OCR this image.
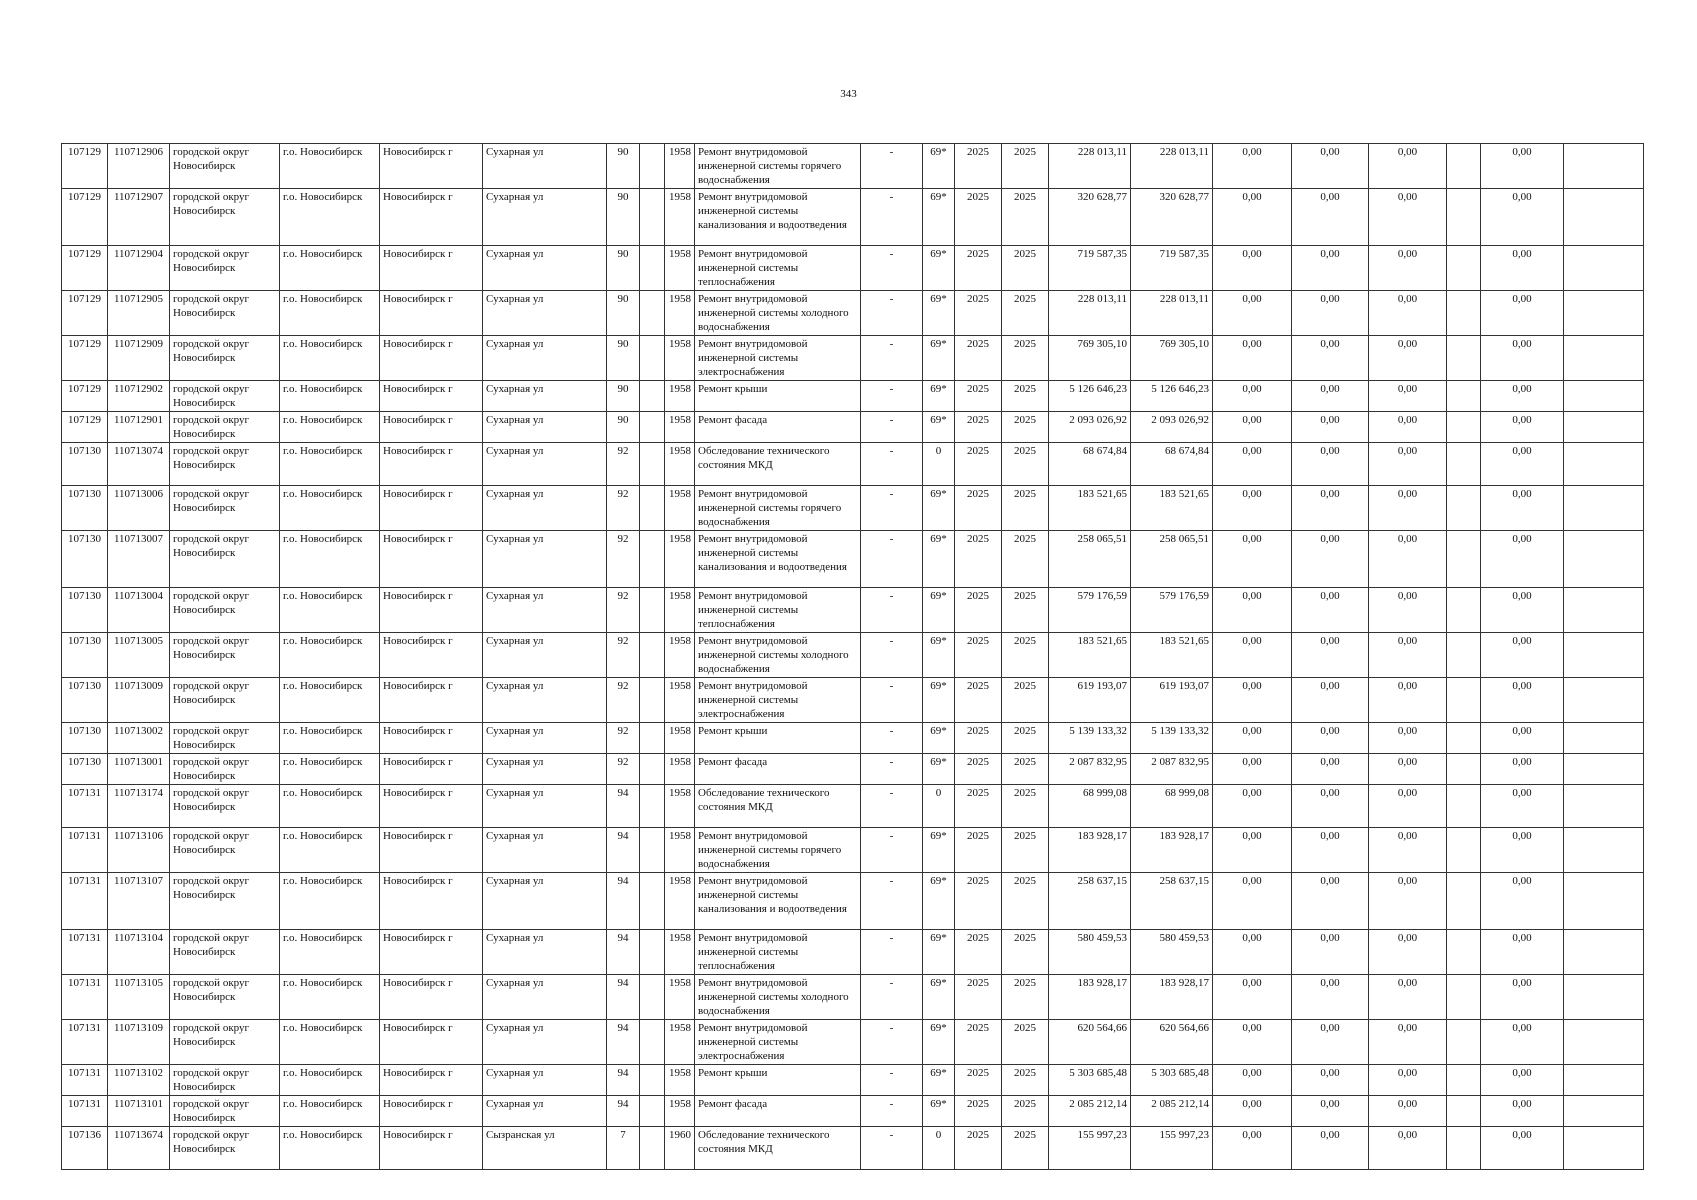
343
107129	110712906	городской округ Новосибирск	г.о. Новосибирск	Новосибирск г	Сухарная ул	90		1958	Ремонт внутридомовой инженерной системы горячего водоснабжения	-	69*	2025	2025	228 013,11	228 013,11	0,00	0,00	0,00		0,00	
107129	110712907	городской округ Новосибирск	г.о. Новосибирск	Новосибирск г	Сухарная ул	90		1958	Ремонт внутридомовой инженерной системы канализования и водоотведения	-	69*	2025	2025	320 628,77	320 628,77	0,00	0,00	0,00		0,00	
107129	110712904	городской округ Новосибирск	г.о. Новосибирск	Новосибирск г	Сухарная ул	90		1958	Ремонт внутридомовой инженерной системы теплоснабжения	-	69*	2025	2025	719 587,35	719 587,35	0,00	0,00	0,00		0,00	
107129	110712905	городской округ Новосибирск	г.о. Новосибирск	Новосибирск г	Сухарная ул	90		1958	Ремонт внутридомовой инженерной системы холодного водоснабжения	-	69*	2025	2025	228 013,11	228 013,11	0,00	0,00	0,00		0,00	
107129	110712909	городской округ Новосибирск	г.о. Новосибирск	Новосибирск г	Сухарная ул	90		1958	Ремонт внутридомовой инженерной системы электроснабжения	-	69*	2025	2025	769 305,10	769 305,10	0,00	0,00	0,00		0,00	
107129	110712902	городской округ Новосибирск	г.о. Новосибирск	Новосибирск г	Сухарная ул	90		1958	Ремонт крыши	-	69*	2025	2025	5 126 646,23	5 126 646,23	0,00	0,00	0,00		0,00	
107129	110712901	городской округ Новосибирск	г.о. Новосибирск	Новосибирск г	Сухарная ул	90		1958	Ремонт фасада	-	69*	2025	2025	2 093 026,92	2 093 026,92	0,00	0,00	0,00		0,00	
107130	110713074	городской округ Новосибирск	г.о. Новосибирск	Новосибирск г	Сухарная ул	92		1958	Обследование технического состояния МКД	-	0	2025	2025	68 674,84	68 674,84	0,00	0,00	0,00		0,00	
107130	110713006	городской округ Новосибирск	г.о. Новосибирск	Новосибирск г	Сухарная ул	92		1958	Ремонт внутридомовой инженерной системы горячего водоснабжения	-	69*	2025	2025	183 521,65	183 521,65	0,00	0,00	0,00		0,00	
107130	110713007	городской округ Новосибирск	г.о. Новосибирск	Новосибирск г	Сухарная ул	92		1958	Ремонт внутридомовой инженерной системы канализования и водоотведения	-	69*	2025	2025	258 065,51	258 065,51	0,00	0,00	0,00		0,00	
107130	110713004	городской округ Новосибирск	г.о. Новосибирск	Новосибирск г	Сухарная ул	92		1958	Ремонт внутридомовой инженерной системы теплоснабжения	-	69*	2025	2025	579 176,59	579 176,59	0,00	0,00	0,00		0,00	
107130	110713005	городской округ Новосибирск	г.о. Новосибирск	Новосибирск г	Сухарная ул	92		1958	Ремонт внутридомовой инженерной системы холодного водоснабжения	-	69*	2025	2025	183 521,65	183 521,65	0,00	0,00	0,00		0,00	
107130	110713009	городской округ Новосибирск	г.о. Новосибирск	Новосибирск г	Сухарная ул	92		1958	Ремонт внутридомовой инженерной системы электроснабжения	-	69*	2025	2025	619 193,07	619 193,07	0,00	0,00	0,00		0,00	
107130	110713002	городской округ Новосибирск	г.о. Новосибирск	Новосибирск г	Сухарная ул	92		1958	Ремонт крыши	-	69*	2025	2025	5 139 133,32	5 139 133,32	0,00	0,00	0,00		0,00	
107130	110713001	городской округ Новосибирск	г.о. Новосибирск	Новосибирск г	Сухарная ул	92		1958	Ремонт фасада	-	69*	2025	2025	2 087 832,95	2 087 832,95	0,00	0,00	0,00		0,00	
107131	110713174	городской округ Новосибирск	г.о. Новосибирск	Новосибирск г	Сухарная ул	94		1958	Обследование технического состояния МКД	-	0	2025	2025	68 999,08	68 999,08	0,00	0,00	0,00		0,00	
107131	110713106	городской округ Новосибирск	г.о. Новосибирск	Новосибирск г	Сухарная ул	94		1958	Ремонт внутридомовой инженерной системы горячего водоснабжения	-	69*	2025	2025	183 928,17	183 928,17	0,00	0,00	0,00		0,00	
107131	110713107	городской округ Новосибирск	г.о. Новосибирск	Новосибирск г	Сухарная ул	94		1958	Ремонт внутридомовой инженерной системы канализования и водоотведения	-	69*	2025	2025	258 637,15	258 637,15	0,00	0,00	0,00		0,00	
107131	110713104	городской округ Новосибирск	г.о. Новосибирск	Новосибирск г	Сухарная ул	94		1958	Ремонт внутридомовой инженерной системы теплоснабжения	-	69*	2025	2025	580 459,53	580 459,53	0,00	0,00	0,00		0,00	
107131	110713105	городской округ Новосибирск	г.о. Новосибирск	Новосибирск г	Сухарная ул	94		1958	Ремонт внутридомовой инженерной системы холодного водоснабжения	-	69*	2025	2025	183 928,17	183 928,17	0,00	0,00	0,00		0,00	
107131	110713109	городской округ Новосибирск	г.о. Новосибирск	Новосибирск г	Сухарная ул	94		1958	Ремонт внутридомовой инженерной системы электроснабжения	-	69*	2025	2025	620 564,66	620 564,66	0,00	0,00	0,00		0,00	
107131	110713102	городской округ Новосибирск	г.о. Новосибирск	Новосибирск г	Сухарная ул	94		1958	Ремонт крыши	-	69*	2025	2025	5 303 685,48	5 303 685,48	0,00	0,00	0,00		0,00	
107131	110713101	городской округ Новосибирск	г.о. Новосибирск	Новосибирск г	Сухарная ул	94		1958	Ремонт фасада	-	69*	2025	2025	2 085 212,14	2 085 212,14	0,00	0,00	0,00		0,00	
107136	110713674	городской округ Новосибирск	г.о. Новосибирск	Новосибирск г	Сызранская ул	7		1960	Обследование технического состояния МКД	-	0	2025	2025	155 997,23	155 997,23	0,00	0,00	0,00		0,00	
